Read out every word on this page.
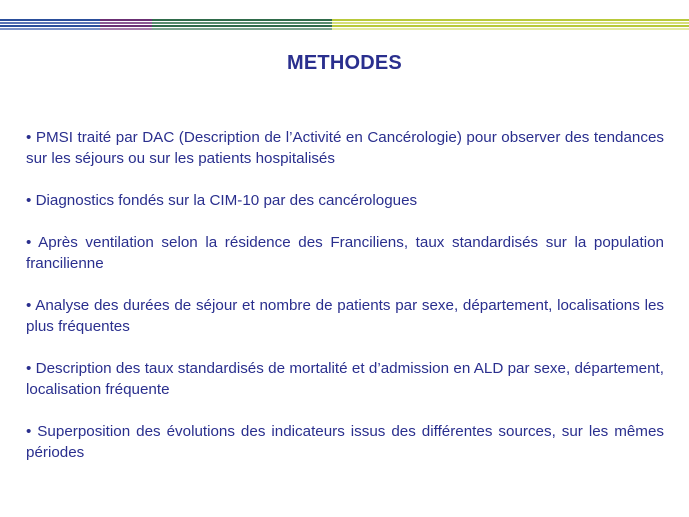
METHODES
• PMSI traité par DAC (Description de l’Activité en Cancérologie) pour observer des tendances sur les séjours ou sur les patients hospitalisés
• Diagnostics fondés sur la CIM-10 par des cancérologues
• Après ventilation selon la résidence des Franciliens, taux standardisés sur la population francilienne
• Analyse des durées de séjour et nombre de patients par sexe, département, localisations les plus fréquentes
• Description des taux standardisés de mortalité et d’admission en ALD par sexe, département, localisation fréquente
• Superposition des évolutions des indicateurs issus des différentes sources, sur les mêmes périodes
